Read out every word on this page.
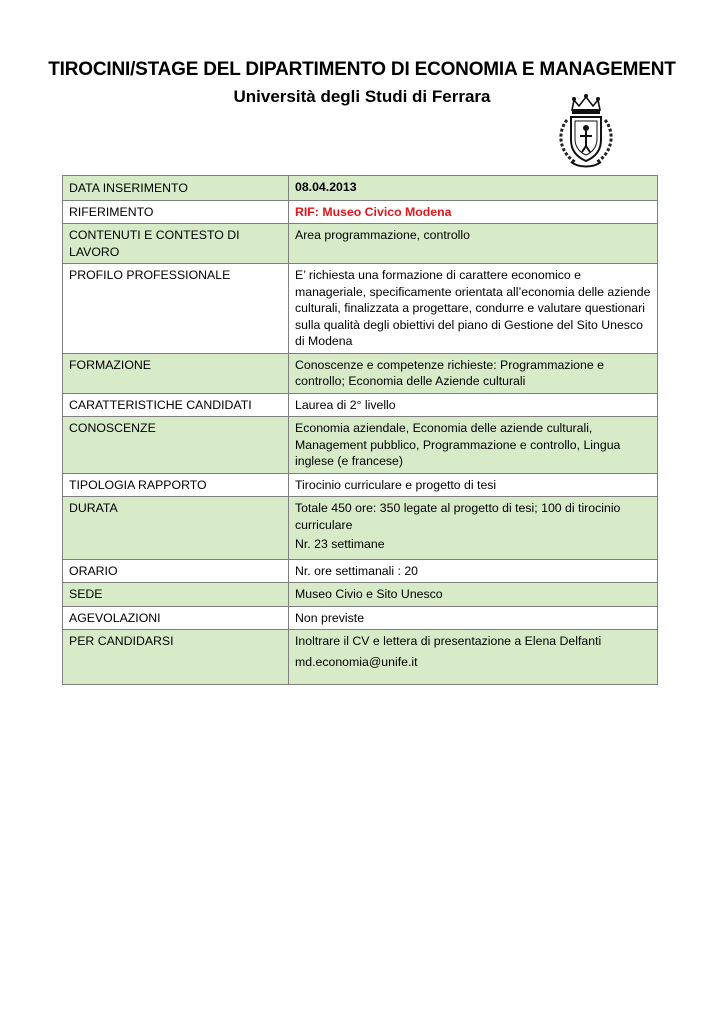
TIROCINI/STAGE DEL DIPARTIMENTO DI ECONOMIA E MANAGEMENT
Università degli Studi di Ferrara
DATA INSERIMENTO	08.04.2013
RIFERIMENTO	RIF: Museo Civico Modena
CONTENUTI E CONTESTO DI LAVORO	Area programmazione, controllo
PROFILO PROFESSIONALE	E’ richiesta una formazione di carattere economico e manageriale, specificamente orientata all’economia delle aziende culturali, finalizzata a progettare, condurre e valutare questionari sulla qualità degli obiettivi del piano di Gestione del Sito Unesco di Modena
FORMAZIONE	Conoscenze e competenze richieste: Programmazione e controllo; Economia delle Aziende culturali
CARATTERISTICHE CANDIDATI	Laurea di 2° livello
CONOSCENZE	Economia aziendale, Economia delle aziende culturali, Management pubblico, Programmazione e controllo, Lingua inglese (e francese)
TIPOLOGIA RAPPORTO	Tirocinio curriculare e progetto di tesi
DURATA	Totale 450 ore: 350 legate al progetto di tesi; 100 di tirocinio curriculare
Nr. 23 settimane

ORARIO	Nr. ore settimanali : 20
SEDE	Museo Civio e Sito Unesco
AGEVOLAZIONI	Non previste
PER CANDIDARSI	Inoltrare il CV e lettera di presentazione a Elena Delfanti
md.economia@unife.it
